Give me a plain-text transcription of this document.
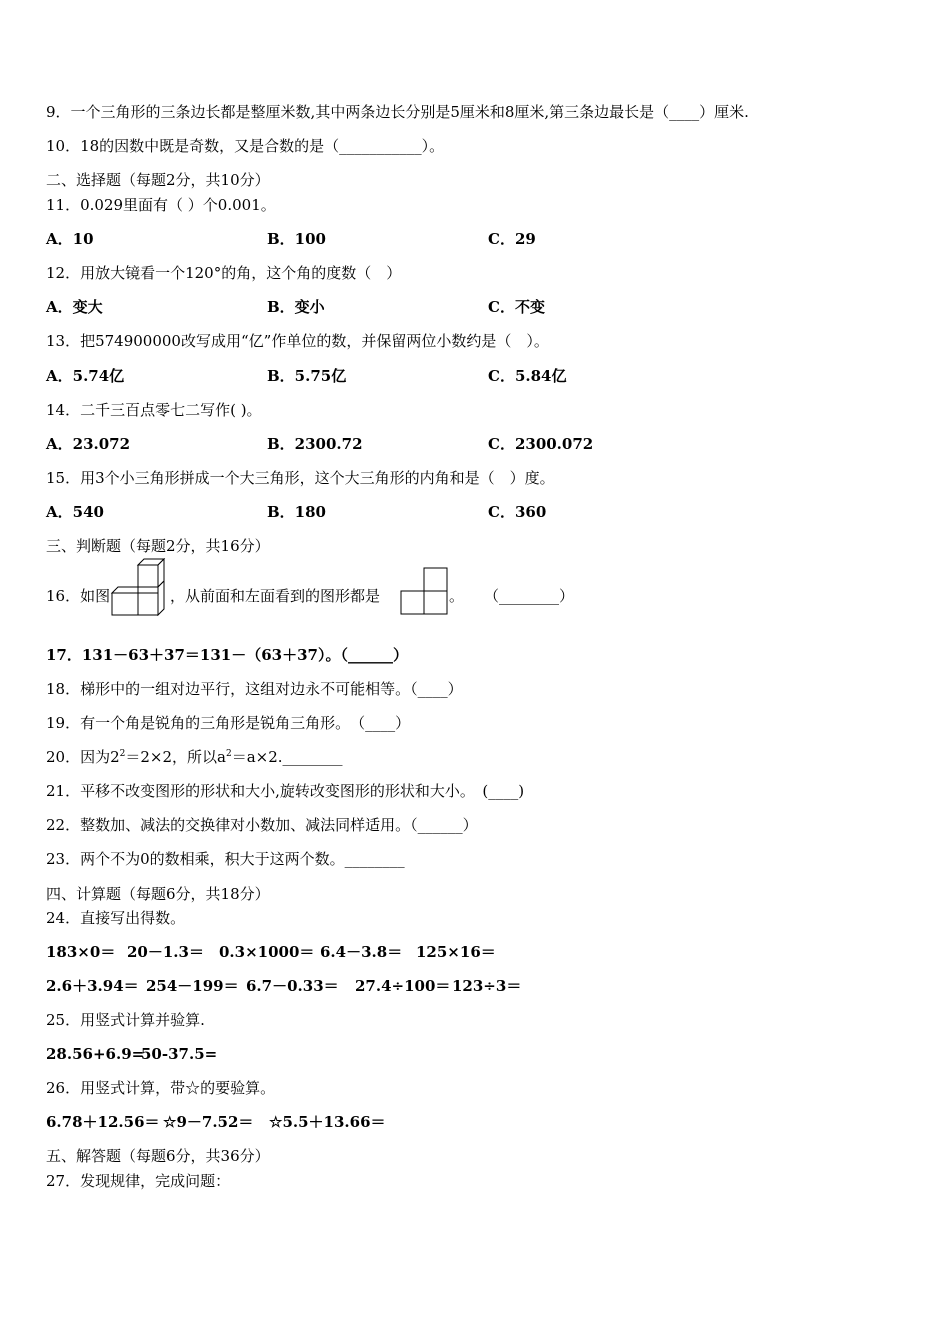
9．一个三角形的三条边长都是整厘米数,其中两条边长分别是5厘米和8厘米,第三条边最长是（____）厘米.
10．18的因数中既是奇数，又是合数的是（___________）。
二、选择题（每题2分，共10分）
11．0.029里面有（ ）个0.001。
A．10	B．100	C．29
12．用放大镜看一个120°的角，这个角的度数（　）
A．变大	B．变小	C．不变
13．把574900000改写成用“亿”作单位的数，并保留两位小数约是（　）。
A．5.74亿	B．5.75亿	C．5.84亿
14．二千三百点零七二写作( )。
A．23.072	B．2300.72	C．2300.072
15．用3个小三角形拼成一个大三角形，这个大三角形的内角和是（　）度。
A．540	B．180	C．360
三、判断题（每题2分，共16分）
16．如图	，从前面和左面看到的图形都是	。 （________）
17．131－63＋37＝131－（63＋37）。（______）
18．梯形中的一组对边平行，这组对边永不可能相等。（____）
19．有一个角是锐角的三角形是锐角三角形。　（____）
20．因为$2^2=2\times 2$，所以$a^2=a\times 2.\_\_\_\_\_\_\_\_$
21．平移不改变图形的形状和大小,旋转改变图形的形状和大小。　(____)
22．整数加、减法的交换律对小数加、减法同样适用。（______）
23．两个不为0的数相乘，积大于这两个数。________
四、计算题（每题6分，共18分）
24．直接写出得数。
183×0＝ 20－1.3＝ 0.3×1000＝ 6.4－3.8＝ 125×16＝
2.6＋3.94＝ 254－199＝ 6.7－0.33＝ 27.4÷100＝ 123÷3＝
25．用竖式计算并验算.
28.56+6.9=
50-37.5=
26．用竖式计算，带☆的要验算。
6.78＋12.56＝ ☆9－7.52＝ ☆5.5＋13.66＝
五、解答题（每题6分，共36分）
27．发现规律，完成问题：
